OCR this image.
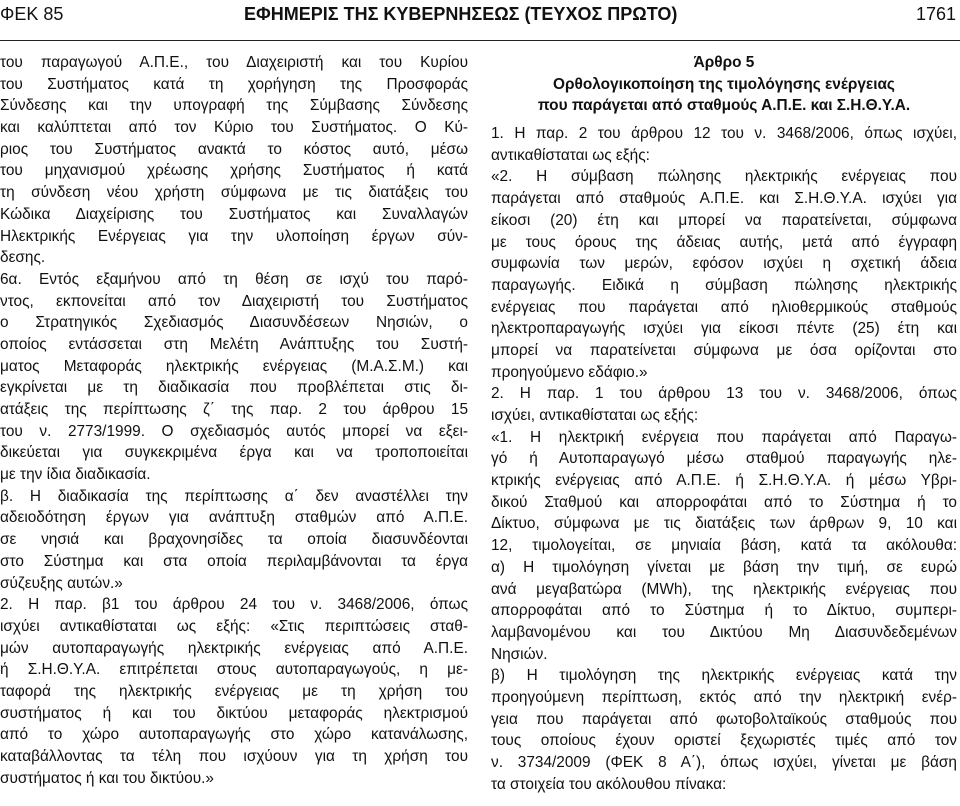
ΦΕΚ 85	ΕΦΗΜΕΡΙΣ ΤΗΣ ΚΥΒΕΡΝΗΣΕΩΣ (ΤΕΥΧΟΣ ΠΡΩΤΟ)	1761
του παραγωγού Α.Π.Ε., του Διαχειριστή και του Κυρίου
του Συστήματος κατά τη χορήγηση της Προσφοράς
Σύνδεσης και την υπογραφή της Σύμβασης Σύνδεσης
και καλύπτεται από τον Κύριο του Συστήματος. Ο Κύ-
ριος του Συστήματος ανακτά το κόστος αυτό, μέσω
του μηχανισμού χρέωσης χρήσης Συστήματος ή κατά
τη σύνδεση νέου χρήστη σύμφωνα με τις διατάξεις του
Κώδικα Διαχείρισης του Συστήματος και Συναλλαγών
Ηλεκτρικής Ενέργειας για την υλοποίηση έργων σύν-
δεσης.
6α. Εντός εξαμήνου από τη θέση σε ισχύ του παρό-
ντος, εκπονείται από τον Διαχειριστή του Συστήματος
ο Στρατηγικός Σχεδιασμός Διασυνδέσεων Νησιών, ο
οποίος εντάσσεται στη Μελέτη Ανάπτυξης του Συστή-
ματος Μεταφοράς ηλεκτρικής ενέργειας (Μ.Α.Σ.Μ.) και
εγκρίνεται με τη διαδικασία που προβλέπεται στις δι-
ατάξεις της περίπτωσης ζ΄ της παρ. 2 του άρθρου 15
του ν. 2773/1999. Ο σχεδιασμός αυτός μπορεί να εξει-
δικεύεται για συγκεκριμένα έργα και να τροποποιείται
με την ίδια διαδικασία.
β. Η διαδικασία της περίπτωσης α΄ δεν αναστέλλει την
αδειοδότηση έργων για ανάπτυξη σταθμών από Α.Π.Ε.
σε νησιά και βραχονησίδες τα οποία διασυνδέονται
στο Σύστημα και στα οποία περιλαμβάνονται τα έργα
σύζευξης αυτών.»
2. Η παρ. β1 του άρθρου 24 του ν. 3468/2006, όπως
ισχύει αντικαθίσταται ως εξής: «Στις περιπτώσεις σταθ-
μών αυτοπαραγωγής ηλεκτρικής ενέργειας από Α.Π.Ε.
ή Σ.Η.Θ.Υ.Α. επιτρέπεται στους αυτοπαραγωγούς, η με-
ταφορά της ηλεκτρικής ενέργειας με τη χρήση του
συστήματος ή και του δικτύου μεταφοράς ηλεκτρισμού
από το χώρο αυτοπαραγωγής στο χώρο κατανάλωσης,
καταβάλλοντας τα τέλη που ισχύουν για τη χρήση του
συστήματος ή και του δικτύου.»
Άρθρο 5
Ορθολογικοποίηση της τιμολόγησης ενέργειας
που παράγεται από σταθμούς Α.Π.Ε. και Σ.Η.Θ.Υ.Α.
1. Η παρ. 2 του άρθρου 12 του ν. 3468/2006, όπως ισχύει,
αντικαθίσταται ως εξής:
«2. Η σύμβαση πώλησης ηλεκτρικής ενέργειας που
παράγεται από σταθμούς Α.Π.Ε. και Σ.Η.Θ.Υ.Α. ισχύει για
είκοσι (20) έτη και μπορεί να παρατείνεται, σύμφωνα
με τους όρους της άδειας αυτής, μετά από έγγραφη
συμφωνία των μερών, εφόσον ισχύει η σχετική άδεια
παραγωγής. Ειδικά η σύμβαση πώλησης ηλεκτρικής
ενέργειας που παράγεται από ηλιοθερμικούς σταθμούς
ηλεκτροπαραγωγής ισχύει για είκοσι πέντε (25) έτη και
μπορεί να παρατείνεται σύμφωνα με όσα ορίζονται στο
προηγούμενο εδάφιο.»
2. Η παρ. 1 του άρθρου 13 του ν. 3468/2006, όπως
ισχύει, αντικαθίσταται ως εξής:
«1. Η ηλεκτρική ενέργεια που παράγεται από Παραγω-
γό ή Αυτοπαραγωγό μέσω σταθμού παραγωγής ηλε-
κτρικής ενέργειας από Α.Π.Ε. ή Σ.Η.Θ.Υ.Α. ή μέσω Υβρι-
δικού Σταθμού και απορροφάται από το Σύστημα ή το
Δίκτυο, σύμφωνα με τις διατάξεις των άρθρων 9, 10 και
12, τιμολογείται, σε μηνιαία βάση, κατά τα ακόλουθα:
α) Η τιμολόγηση γίνεται με βάση την τιμή, σε ευρώ
ανά μεγαβατώρα (MWh), της ηλεκτρικής ενέργειας που
απορροφάται από το Σύστημα ή το Δίκτυο, συμπερι-
λαμβανομένου και του Δικτύου Μη Διασυνδεδεμένων
Νησιών.
β) Η τιμολόγηση της ηλεκτρικής ενέργειας κατά την
προηγούμενη περίπτωση, εκτός από την ηλεκτρική ενέρ-
γεια που παράγεται από φωτοβολταϊκούς σταθμούς που
τους οποίους έχουν οριστεί ξεχωριστές τιμές από τον
ν. 3734/2009 (ΦΕΚ 8 Α΄), όπως ισχύει, γίνεται με βάση
τα στοιχεία του ακόλουθου πίνακα:
